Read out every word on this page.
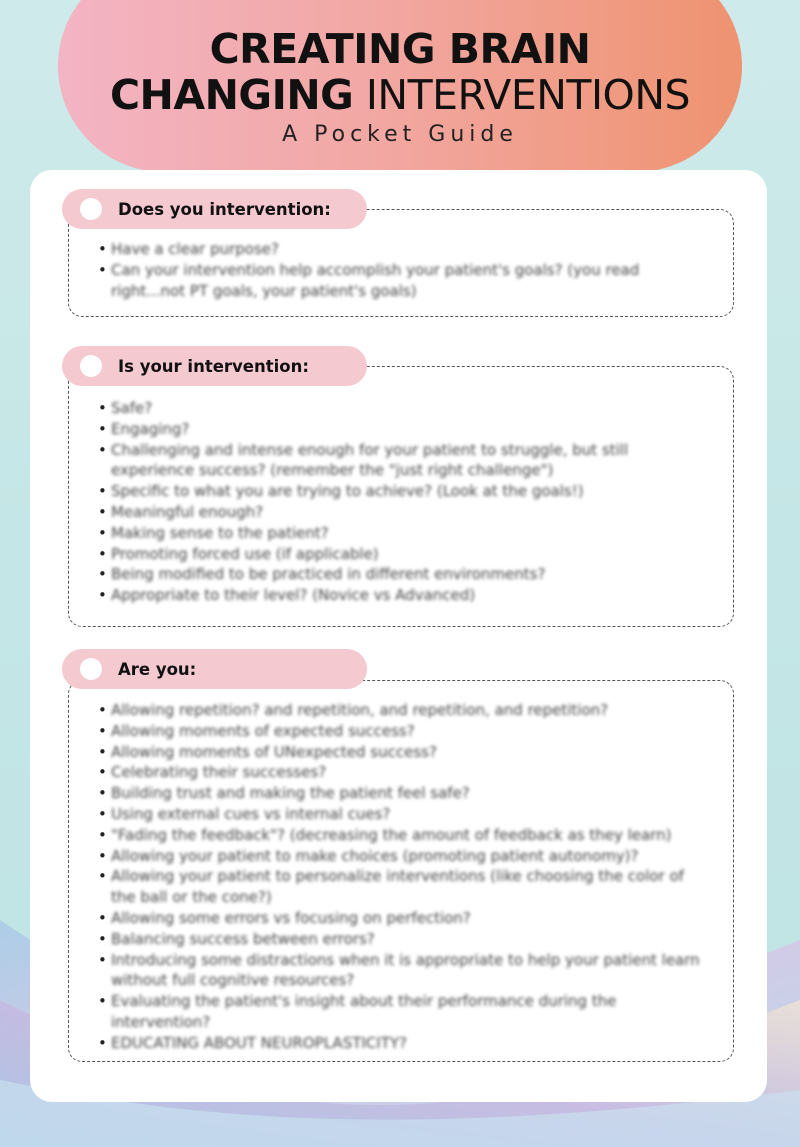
CREATING BRAIN
CHANGING INTERVENTIONS
A Pocket Guide
Does you intervention:
• Have a clear purpose?
• Can your intervention help accomplish your patient's goals? (you read right...not PT goals, your patient's goals)
Is your intervention:
• Safe?
• Engaging?
• Challenging and intense enough for your patient to struggle, but still experience success? (remember the "just right challenge")
• Specific to what you are trying to achieve? (Look at the goals!)
• Meaningful enough?
• Making sense to the patient?
• Promoting forced use (if applicable)
• Being modified to be practiced in different environments?
• Appropriate to their level? (Novice vs Advanced)
Are you:
• Allowing repetition? and repetition, and repetition, and repetition?
• Allowing moments of expected success?
• Allowing moments of UNexpected success?
• Celebrating their successes?
• Building trust and making the patient feel safe?
• Using external cues vs internal cues?
• "Fading the feedback"? (decreasing the amount of feedback as they learn)
• Allowing your patient to make choices (promoting patient autonomy)?
• Allowing your patient to personalize interventions (like choosing the color of the ball or the cone?)
• Allowing some errors vs focusing on perfection?
• Balancing success between errors?
• Introducing some distractions when it is appropriate to help your patient learn without full cognitive resources?
• Evaluating the patient's insight about their performance during the intervention?
• EDUCATING ABOUT NEUROPLASTICITY?
